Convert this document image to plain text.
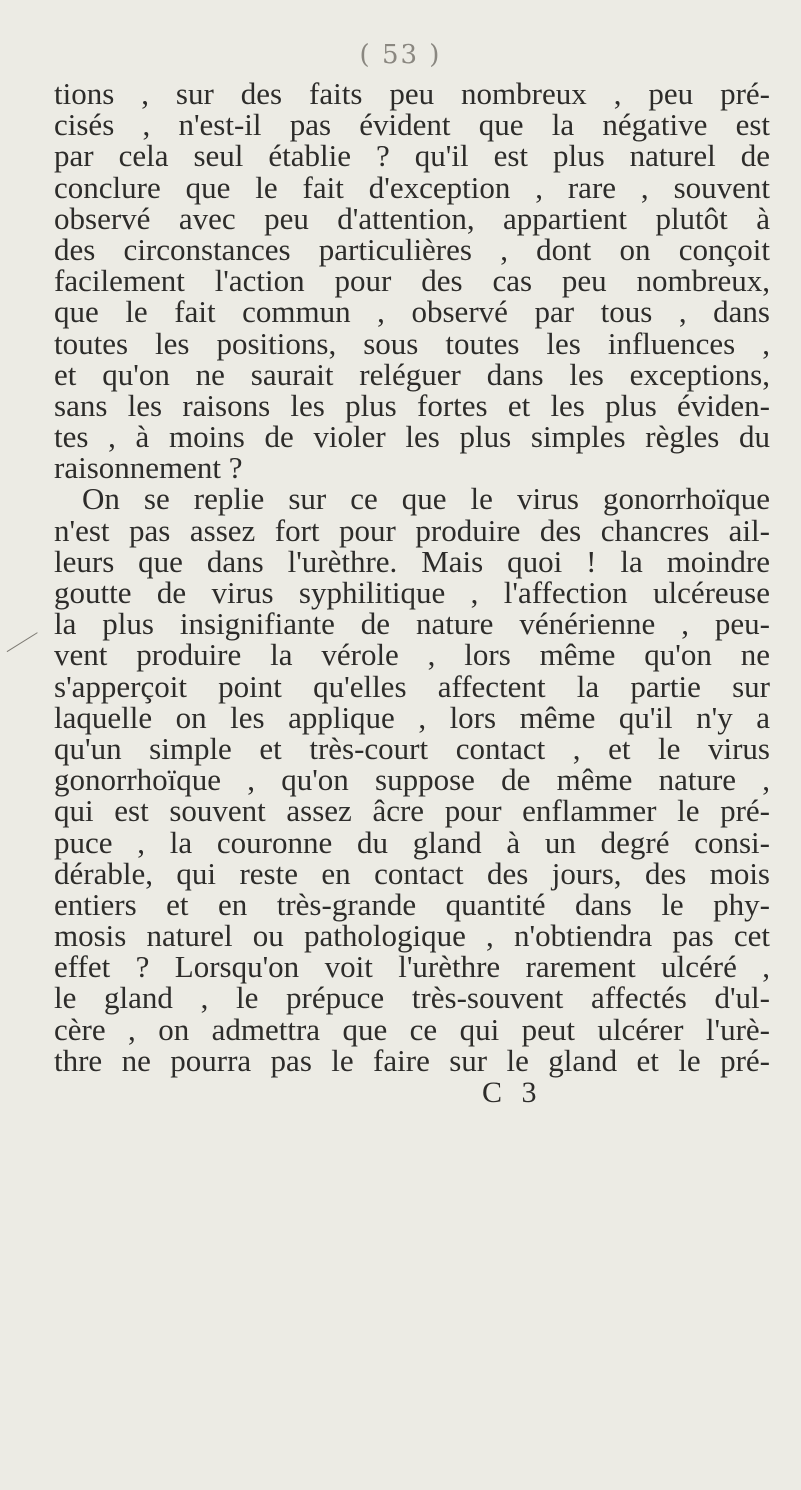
( 53 )
tions , sur des faits peu nombreux , peu pré-
cisés , n'est-il pas évident que la négative est
par cela seul établie ? qu'il est plus naturel de
conclure que le fait d'exception , rare , souvent
observé avec peu d'attention, appartient plutôt à
des circonstances particulières , dont on conçoit
facilement l'action pour des cas peu nombreux,
que le fait commun , observé par tous , dans
toutes les positions, sous toutes les influences ,
et qu'on ne saurait reléguer dans les exceptions,
sans les raisons les plus fortes et les plus éviden-
tes , à moins de violer les plus simples règles du
raisonnement ?
On se replie sur ce que le virus gonorrhoïque
n'est pas assez fort pour produire des chancres ail-
leurs que dans l'urèthre. Mais quoi ! la moindre
goutte de virus syphilitique , l'affection ulcéreuse
la plus insignifiante de nature vénérienne , peu-
vent produire la vérole , lors même qu'on ne
s'apperçoit point qu'elles affectent la partie sur
laquelle on les applique , lors même qu'il n'y a
qu'un simple et très-court contact , et le virus
gonorrhoïque , qu'on suppose de même nature ,
qui est souvent assez âcre pour enflammer le pré-
puce , la couronne du gland à un degré consi-
dérable, qui reste en contact des jours, des mois
entiers et en très-grande quantité dans le phy-
mosis naturel ou pathologique , n'obtiendra pas cet
effet ? Lorsqu'on voit l'urèthre rarement ulcéré ,
le gland , le prépuce très-souvent affectés d'ul-
cère , on admettra que ce qui peut ulcérer l'urè-
thre ne pourra pas le faire sur le gland et le pré-
C 3
